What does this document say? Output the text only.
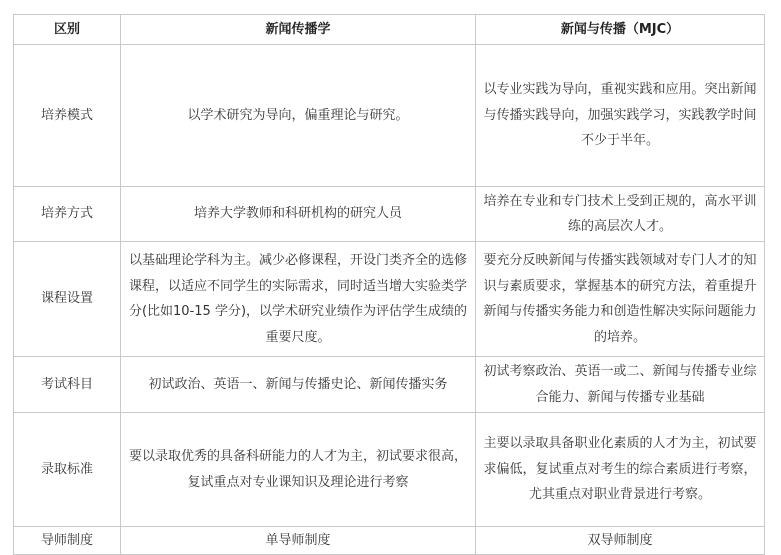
区别	新闻传播学	新闻与传播（MJC）
培养模式	以学术研究为导向，偏重理论与研究。	以专业实践为导向，重视实践和应用。突出新闻与传播实践导向，加强实践学习，实践教学时间不少于半年。
培养方式	培养大学教师和科研机构的研究人员	培养在专业和专门技术上受到正规的，高水平训练的高层次人才。
课程设置	以基础理论学科为主。减少必修课程，开设门类齐全的选修课程，以适应不同学生的实际需求，同时适当增大实验类学分(比如10-15 学分)，以学术研究业绩作为评估学生成绩的重要尺度。	要充分反映新闻与传播实践领域对专门人才的知识与素质要求，掌握基本的研究方法，着重提升新闻与传播实务能力和创造性解决实际问题能力的培养。
考试科目	初试政治、英语一、新闻与传播史论、新闻传播实务	初试考察政治、英语一或二、新闻与传播专业综合能力、新闻与传播专业基础
录取标准	要以录取优秀的具备科研能力的人才为主，初试要求很高，复试重点对专业课知识及理论进行考察	主要以录取具备职业化素质的人才为主，初试要求偏低，复试重点对考生的综合素质进行考察，尤其重点对职业背景进行考察。
导师制度	单导师制度	双导师制度
